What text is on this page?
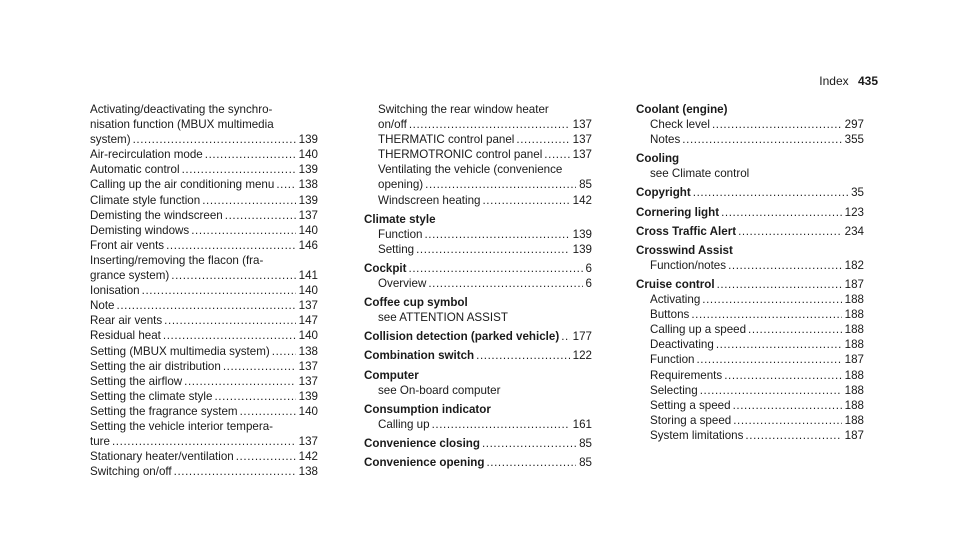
Index 435
Activating/deactivating the synchro-
nisation function (MBUX multimedia
system) .....	139
Air-recirculation mode .....	140
Automatic control .....	139
Calling up the air conditioning menu ..... 138
Climate style function .....	139
Demisting the windscreen .....	137
Demisting windows .....	140
Front air vents .....	146
Inserting/removing the flacon (fra-
grance system) .....	141
Ionisation .....	140
Note .....	137
Rear air vents .....	147
Residual heat .....	140
Setting (MBUX multimedia system) ..... 138
Setting the air distribution .....	137
Setting the airflow .....	137
Setting the climate style .....	139
Setting the fragrance system .....	140
Setting the vehicle interior tempera-
ture .....	137
Stationary heater/ventilation .....	142
Switching on/off .....	138
Switching the rear window heater
on/off .....	137
THERMATIC control panel .....	137
THERMOTRONIC control panel .....	137
Ventilating the vehicle (convenience
opening) .....	85
Windscreen heating .....	142
Climate style
Function .....	139
Setting .....	139
Cockpit .....	6
Overview .....	6
Coffee cup symbol
see ATTENTION ASSIST
Collision detection (parked vehicle) ..... 177
Combination switch .....	122
Computer
see On-board computer
Consumption indicator
Calling up .....	161
Convenience closing .....	85
Convenience opening .....	85
Coolant (engine)
Check level .....	297
Notes .....	355
Cooling
see Climate control
Copyright .....	35
Cornering light .....	123
Cross Traffic Alert .....	234
Crosswind Assist
Function/notes .....	182
Cruise control .....	187
Activating .....	188
Buttons .....	188
Calling up a speed .....	188
Deactivating .....	188
Function .....	187
Requirements .....	188
Selecting .....	188
Setting a speed .....	188
Storing a speed .....	188
System limitations .....	187
